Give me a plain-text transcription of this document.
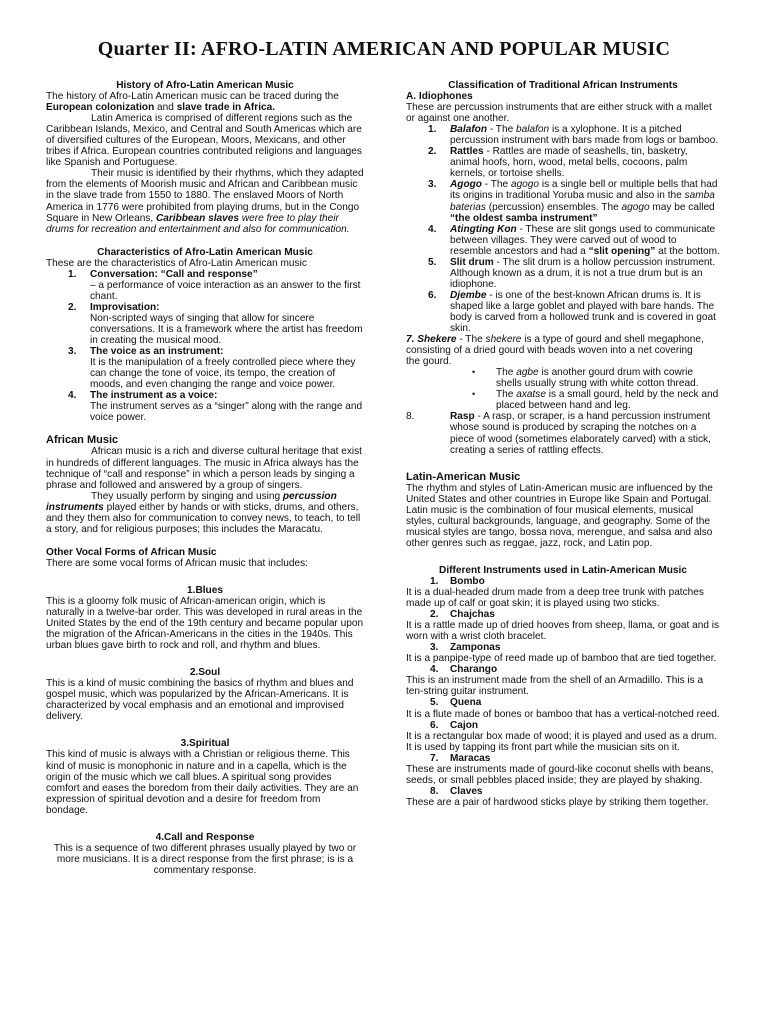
Quarter II: AFRO-LATIN AMERICAN AND POPULAR MUSIC

History of Afro-Latin American Music

The history of Afro-Latin American music can be traced during the European colonization and slave trade in Africa.

Latin America is comprised of different regions such as the Caribbean Islands, Mexico, and Central and South Americas which are of diversified cultures of the European, Moors, Mexicans, and other tribes if Africa. European countries contributed religions and languages like Spanish and Portuguese.

Their music is identified by their rhythms, which they adapted from the elements of Moorish music and African and Caribbean music in the slave trade from 1550 to 1880. The enslaved Moors of North America in 1776 were prohibited from playing drums, but in the Congo Square in New Orleans, Caribbean slaves were free to play their drums for recreation and entertainment and also for communication.

Characteristics of Afro-Latin American Music

These are the characteristics of Afro-Latin American music

1. Conversation: “Call and response”
– a performance of voice interaction as an answer to the first chant.
2. Improvisation:
Non-scripted ways of singing that allow for sincere conversations. It is a framework where the artist has freedom in creating the musical mood.
3. The voice as an instrument:
It is the manipulation of a freely controlled piece where they can change the tone of voice, its tempo, the creation of moods, and even changing the range and voice power.
4. The instrument as a voice:
The instrument serves as a “singer” along with the range and voice power.

African Music

African music is a rich and diverse cultural heritage that exist in hundreds of different languages. The music in Africa always has the technique of “call and response” in which a person leads by singing a phrase and followed and answered by a group of singers.

They usually perform by singing and using percussion instruments played either by hands or with sticks, drums, and others, and they them also for communication to convey news, to teach, to tell a story, and for religious purposes; this includes the Maracatu.

Other Vocal Forms of African Music

There are some vocal forms of African music that includes:

1.Blues

This is a gloomy folk music of African-american origin, which is naturally in a twelve-bar order. This was developed in rural areas in the United States by the end of the 19th century and became popular upon the migration of the African-Americans in the cities in the 1940s. This urban blues gave birth to rock and roll, and rhythm and blues.

2.Soul

This is a kind of music combining the basics of rhythm and blues and gospel music, which was popularized by the African-Americans. It is characterized by vocal emphasis and an emotional and improvised delivery.

3.Spiritual

This kind of music is always with a Christian or religious theme. This kind of music is monophonic in nature and in a capella, which is the origin of the music which we call blues. A spiritual song provides comfort and eases the boredom from their daily activities. They are an expression of spiritual devotion and a desire for freedom from bondage.

4.Call and Response

This is a sequence of two different phrases usually played by two or more musicians. It is a direct response from the first phrase; is is a commentary response.

Classification of Traditional African Instruments

A. Idiophones

These are percussion instruments that are either struck with a mallet or against one another.

1. Balafon - The balafon is a xylophone. It is a pitched percussion instrument with bars made from logs or bamboo.
2. Rattles - Rattles are made of seashells, tin, basketry, animal hoofs, horn, wood, metal bells, cocoons, palm kernels, or tortoise shells.
3. Agogo - The agogo is a single bell or multiple bells that had its origins in traditional Yoruba music and also in the samba baterias (percussion) ensembles. The agogo may be called “the oldest samba instrument”
4. Atingting Kon - These are slit gongs used to communicate between villages. They were carved out of wood to resemble ancestors and had a “slit opening” at the bottom.
5. Slit drum - The slit drum is a hollow percussion instrument. Although known as a drum, it is not a true drum but is an idiophone.
6. Djembe - is one of the best-known African drums is. It is shaped like a large goblet and played with bare hands. The body is carved from a hollowed trunk and is covered in goat skin.

7. Shekere - The shekere is a type of gourd and shell megaphone, consisting of a dried gourd with beads woven into a net covering

the gourd.

• The agbe is another gourd drum with cowrie shells usually strung with white cotton thread.
• The axatse is a small gourd, held by the neck and placed between hand and leg.
8.	Rasp - A rasp, or scraper, is a hand percussion instrument whose sound is produced by scraping the notches on a piece of wood (sometimes elaborately carved) with a stick, creating a series of rattling effects.

Latin-American Music

The rhythm and styles of Latin-American music are influenced by the United States and other countries in Europe like Spain and Portugal. Latin music is the combination of four musical elements, musical styles, cultural backgrounds, language, and geography. Some of the musical styles are tango, bossa nova, merengue, and salsa and also other genres such as reggae, jazz, rock, and Latin pop.

Different Instruments used in Latin-American Music

1. Bombo

It is a dual-headed drum made from a deep tree trunk with patches made up of calf or goat skin; it is played using two sticks.

2. Chajchas

It is a rattle made up of dried hooves from sheep, llama, or goat and is worn with a wrist cloth bracelet.

3. Zamponas

It is a panpipe-type of reed made up of bamboo that are tied together.

4. Charango

This is an instrument made from the shell of an Armadillo. This is a ten-string guitar instrument.

5. Quena

It is a flute made of bones or bamboo that has a vertical-notched reed.

6. Cajon

It is a rectangular box made of wood; it is played and used as a drum. It is used by tapping its front part while the musician sits on it.

7. Maracas

These are instruments made of gourd-like coconut shells with beans, seeds, or small pebbles placed inside; they are played by shaking.

8. Claves

These are a pair of hardwood sticks playe by striking them together.
